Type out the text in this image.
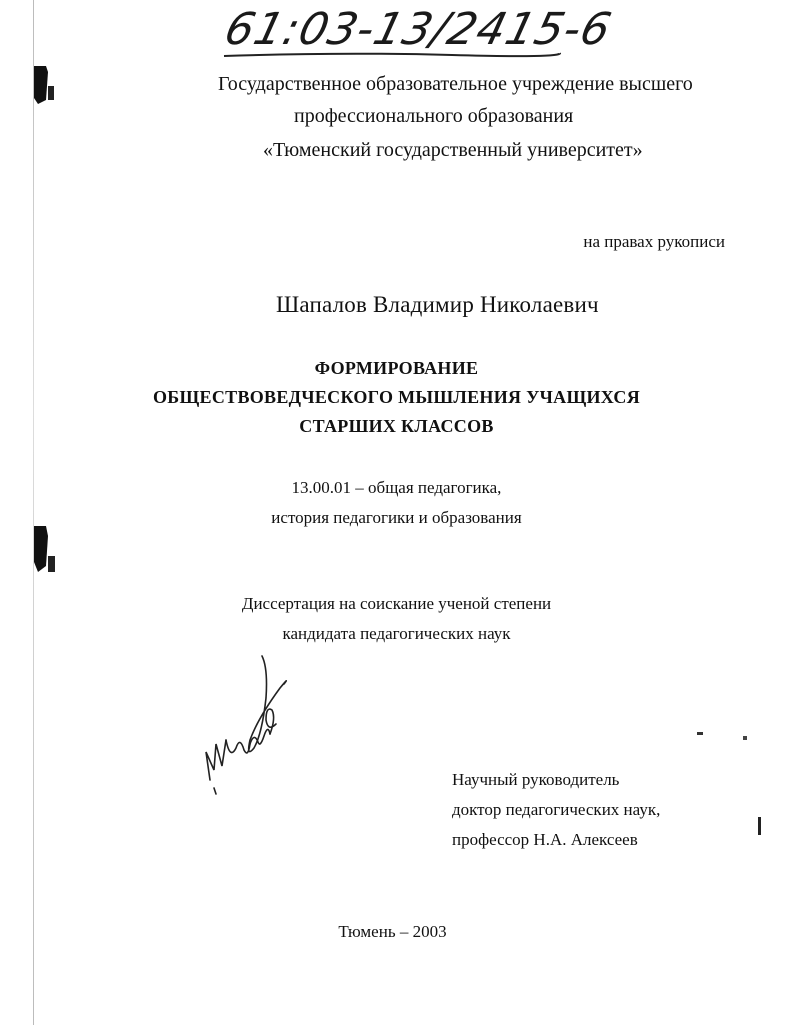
61:03-13/2415-6
Государственное образовательное учреждение высшего
профессионального образования
«Тюменский государственный университет»
на правах рукописи
Шапалов Владимир Николаевич
ФОРМИРОВАНИЕ
ОБЩЕСТВОВЕДЧЕСКОГО МЫШЛЕНИЯ УЧАЩИХСЯ
СТАРШИХ КЛАССОВ
13.00.01 – общая педагогика,
история педагогики и образования
Диссертация на соискание ученой степени
кандидата педагогических наук
Научный руководитель
доктор педагогических наук,
профессор Н.А. Алексеев
Тюмень – 2003
